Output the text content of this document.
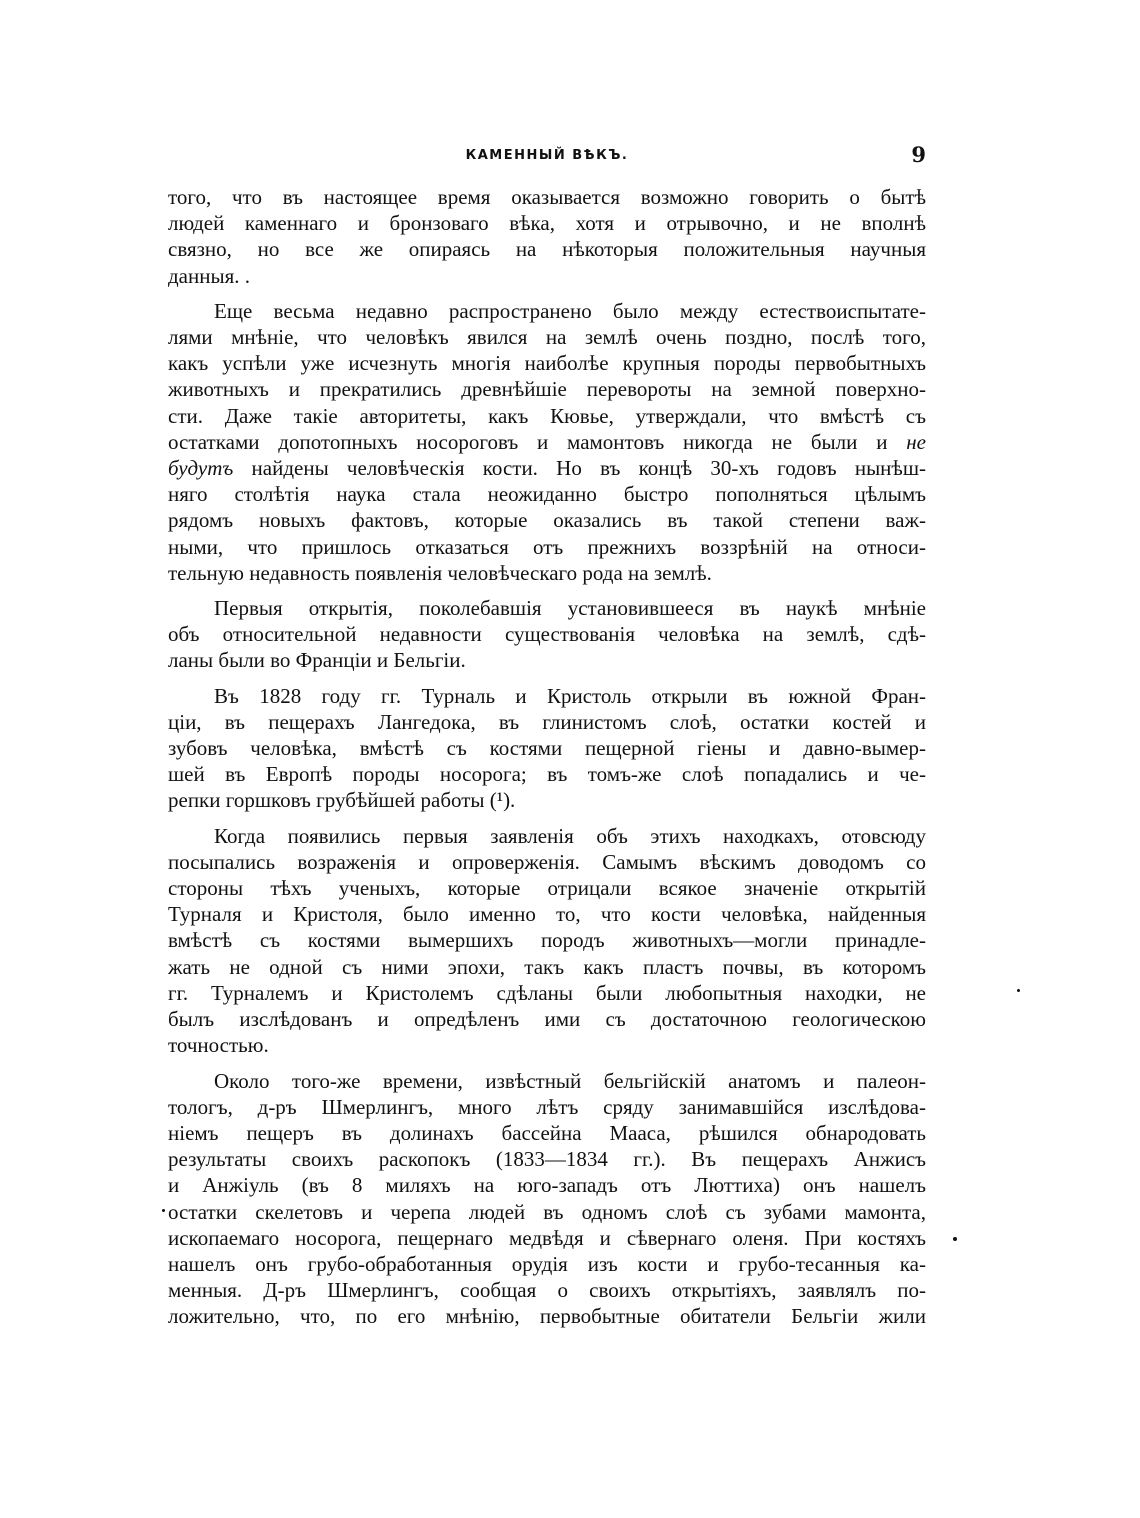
КАМЕННЫЙ ВѢКЪ.	9

того, что въ настоящее время оказывается возможно говорить о бытѣ
людей каменнаго и бронзоваго вѣка, хотя и отрывочно, и не вполнѣ
связно, но все же опираясь на нѣкоторыя положительныя научныя
данныя. .

Еще весьма недавно распространено было между естествоиспытате-
лями мнѣніе, что человѣкъ явился на землѣ очень поздно, послѣ того,
какъ успѣли уже исчезнуть многія наиболѣе крупныя породы первобытныхъ
животныхъ и прекратились древнѣйшіе перевороты на земной поверхно-
сти. Даже такіе авторитеты, какъ Кювье, утверждали, что вмѣстѣ съ
остатками допотопныхъ носороговъ и мамонтовъ никогда не были и не
будутъ найдены человѣческія кости. Но въ концѣ 30-хъ годовъ нынѣш-
няго столѣтія наука стала неожиданно быстро пополняться цѣлымъ
рядомъ новыхъ фактовъ, которые оказались въ такой степени важ-
ными, что пришлось отказаться отъ прежнихъ воззрѣній на относи-
тельную недавность появленія человѣческаго рода на землѣ.

Первыя открытія, поколебавшія установившееся въ наукѣ мнѣніе
объ относительной недавности существованія человѣка на землѣ, сдѣ-
ланы были во Франціи и Бельгіи.

Въ 1828 году гг. Турналь и Кристоль открыли въ южной Фран-
ціи, въ пещерахъ Лангедока, въ глинистомъ слоѣ, остатки костей и
зубовъ человѣка, вмѣстѣ съ костями пещерной гіены и давно-вымер-
шей въ Европѣ породы носорога; въ томъ-же слоѣ попадались и че-
репки горшковъ грубѣйшей работы (¹).

Когда появились первыя заявленія объ этихъ находкахъ, отовсюду
посыпались возраженія и опроверженія. Самымъ вѣскимъ доводомъ со
стороны тѣхъ ученыхъ, которые отрицали всякое значеніе открытій
Турналя и Кристоля, было именно то, что кости человѣка, найденныя
вмѣстѣ съ костями вымершихъ породъ животныхъ—могли принадле-
жать не одной съ ними эпохи, такъ какъ пластъ почвы, въ которомъ
гг. Турналемъ и Кристолемъ сдѣланы были любопытныя находки, не
былъ изслѣдованъ и опредѣленъ ими съ достаточною геологическою
точностью.

Около того-же времени, извѣстный бельгійскій анатомъ и палеон-
тологъ, д-ръ Шмерлингъ, много лѣтъ сряду занимавшійся изслѣдова-
ніемъ пещеръ въ долинахъ бассейна Мааса, рѣшился обнародовать
результаты своихъ раскопокъ (1833—1834 гг.). Въ пещерахъ Анжисъ
и Анжіуль (въ 8 миляхъ на юго-западъ отъ Люттиха) онъ нашелъ
остатки скелетовъ и черепа людей въ одномъ слоѣ съ зубами мамонта,
ископаемаго носорога, пещернаго медвѣдя и сѣвернаго оленя. При костяхъ
нашелъ онъ грубо-обработанныя орудія изъ кости и грубо-тесанныя ка-
менныя. Д-ръ Шмерлингъ, сообщая о своихъ открытіяхъ, заявлялъ по-
ложительно, что, по его мнѣнію, первобытные обитатели Бельгіи жили
